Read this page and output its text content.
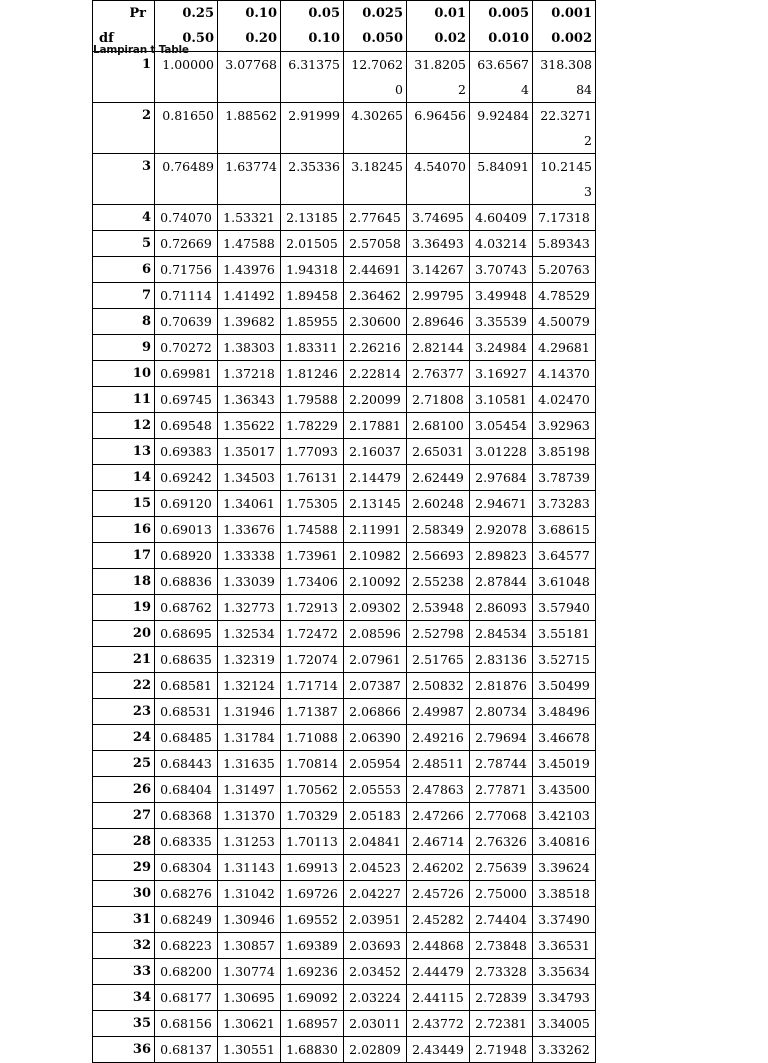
Pr	0.25	0.10	0.05	0.025	0.01	0.005	0.001
df	0.50	0.20	0.10	0.050	0.02	0.010	0.002
1	1.00000	3.07768	6.31375	12.70620	31.82052	63.65674	318.30884
2	0.81650	1.88562	2.91999	4.30265	6.96456	9.92484	22.32712
3	0.76489	1.63774	2.35336	3.18245	4.54070	5.84091	10.21453
4	0.74070	1.53321	2.13185	2.77645	3.74695	4.60409	7.17318
5	0.72669	1.47588	2.01505	2.57058	3.36493	4.03214	5.89343
6	0.71756	1.43976	1.94318	2.44691	3.14267	3.70743	5.20763
7	0.71114	1.41492	1.89458	2.36462	2.99795	3.49948	4.78529
8	0.70639	1.39682	1.85955	2.30600	2.89646	3.35539	4.50079
9	0.70272	1.38303	1.83311	2.26216	2.82144	3.24984	4.29681
10	0.69981	1.37218	1.81246	2.22814	2.76377	3.16927	4.14370
11	0.69745	1.36343	1.79588	2.20099	2.71808	3.10581	4.02470
12	0.69548	1.35622	1.78229	2.17881	2.68100	3.05454	3.92963
13	0.69383	1.35017	1.77093	2.16037	2.65031	3.01228	3.85198
14	0.69242	1.34503	1.76131	2.14479	2.62449	2.97684	3.78739
15	0.69120	1.34061	1.75305	2.13145	2.60248	2.94671	3.73283
16	0.69013	1.33676	1.74588	2.11991	2.58349	2.92078	3.68615
17	0.68920	1.33338	1.73961	2.10982	2.56693	2.89823	3.64577
18	0.68836	1.33039	1.73406	2.10092	2.55238	2.87844	3.61048
19	0.68762	1.32773	1.72913	2.09302	2.53948	2.86093	3.57940
20	0.68695	1.32534	1.72472	2.08596	2.52798	2.84534	3.55181
21	0.68635	1.32319	1.72074	2.07961	2.51765	2.83136	3.52715
22	0.68581	1.32124	1.71714	2.07387	2.50832	2.81876	3.50499
23	0.68531	1.31946	1.71387	2.06866	2.49987	2.80734	3.48496
24	0.68485	1.31784	1.71088	2.06390	2.49216	2.79694	3.46678
25	0.68443	1.31635	1.70814	2.05954	2.48511	2.78744	3.45019
26	0.68404	1.31497	1.70562	2.05553	2.47863	2.77871	3.43500
27	0.68368	1.31370	1.70329	2.05183	2.47266	2.77068	3.42103
28	0.68335	1.31253	1.70113	2.04841	2.46714	2.76326	3.40816
29	0.68304	1.31143	1.69913	2.04523	2.46202	2.75639	3.39624
30	0.68276	1.31042	1.69726	2.04227	2.45726	2.75000	3.38518
31	0.68249	1.30946	1.69552	2.03951	2.45282	2.74404	3.37490
32	0.68223	1.30857	1.69389	2.03693	2.44868	2.73848	3.36531
33	0.68200	1.30774	1.69236	2.03452	2.44479	2.73328	3.35634
34	0.68177	1.30695	1.69092	2.03224	2.44115	2.72839	3.34793
35	0.68156	1.30621	1.68957	2.03011	2.43772	2.72381	3.34005
36	0.68137	1.30551	1.68830	2.02809	2.43449	2.71948	3.33262
Lampiran t Table
